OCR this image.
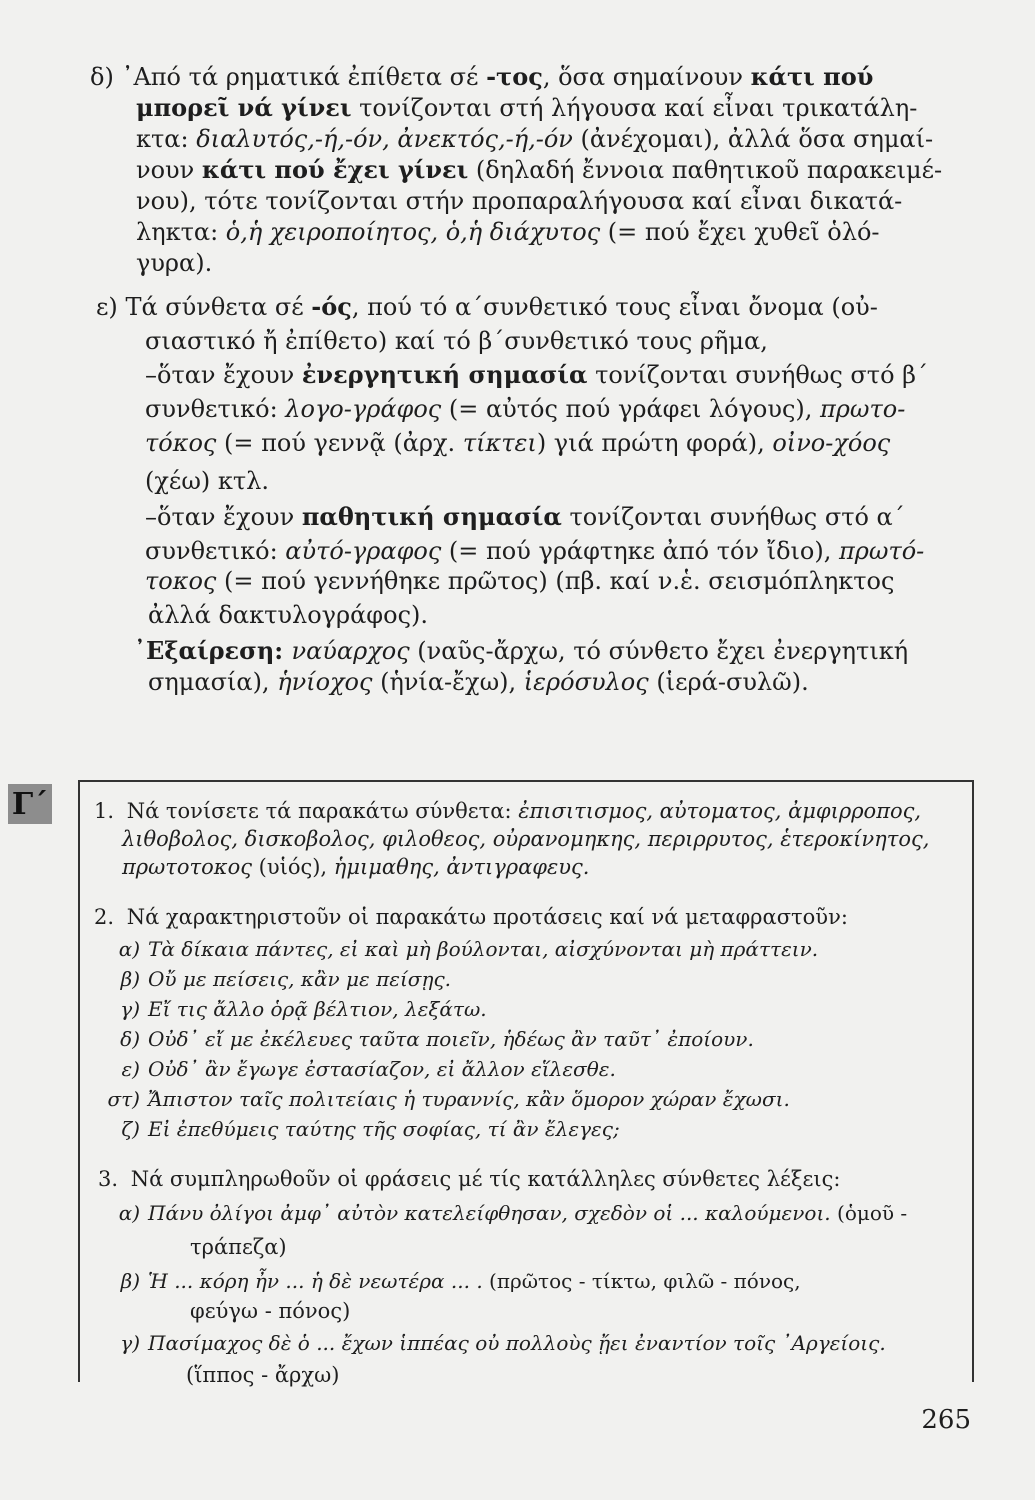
δ) ᾽Από τά ρηματικά ἐπίθετα σέ -τος, ὅσα σημαίνουν κάτι πού
μπορεῖ νά γίνει τονίζονται στή λήγουσα καί εἶναι τρικατάλη-
κτα: διαλυτός,-ή,-όν, ἀνεκτός,-ή,-όν (ἀνέχομαι), ἀλλά ὅσα σημαί-
νουν κάτι πού ἔχει γίνει (δηλαδή ἔννοια παθητικοῦ παρακειμέ-
νου), τότε τονίζονται στήν προπαραλήγουσα καί εἶναι δικατά-
ληκτα: ὁ,ἡ χειροποίητος, ὁ,ἡ διάχυτος (= πού ἔχει χυθεῖ ὁλό-
γυρα).
ε) Τά σύνθετα σέ -ός, πού τό α΄συνθετικό τους εἶναι ὄνομα (οὐ-
σιαστικό ἤ ἐπίθετο) καί τό β΄συνθετικό τους ρῆμα,
–ὅταν ἔχουν ἐνεργητική σημασία τονίζονται συνήθως στό β΄
συνθετικό: λογο-γράφος (= αὐτός πού γράφει λόγους), πρωτο-
τόκος (= πού γεννᾷ (ἀρχ. τίκτει) γιά πρώτη φορά), οἰνο-χόος
(χέω) κτλ.
–ὅταν ἔχουν παθητική σημασία τονίζονται συνήθως στό α΄
συνθετικό: αὐτό-γραφος (= πού γράφτηκε ἀπό τόν ἴδιο), πρωτό-
τοκος (= πού γεννήθηκε πρῶτος) (πβ. καί ν.ἑ. σεισμόπληκτος
ἀλλά δακτυλογράφος).
᾽Εξαίρεση: ναύαρχος (ναῦς-ἄρχω, τό σύνθετο ἔχει ἐνεργητική
σημασία), ἡνίοχος (ἡνία-ἔχω), ἱερόσυλος (ἱερά-συλῶ).
Γ΄ 1. Νά τονίσετε τά παρακάτω σύνθετα: ἐπισιτισμος, αὐτοματος, ἀμφιρροπος,
λιθοβολος, δισκοβολος, φιλοθεος, οὐρανομηκης, περιρρυτος, ἑτεροκίνητος,
πρωτοτοκος (υἱός), ἡμιμαθης, ἀντιγραφευς.
2. Νά χαρακτηριστοῦν οἱ παρακάτω προτάσεις καί νά μεταφραστοῦν:
α) Τὰ δίκαια πάντες, εἰ καὶ μὴ βούλονται, αἰσχύνονται μὴ πράττειν.
β) Οὔ με πείσεις, κἂν με πείσῃς.
γ) Εἴ τις ἄλλο ὁρᾷ βέλτιον, λεξάτω.
δ) Οὐδ᾽ εἴ με ἐκέλευες ταῦτα ποιεῖν, ἡδέως ἂν ταῦτ᾽ ἐποίουν.
ε) Οὐδ᾽ ἂν ἔγωγε ἐστασίαζον, εἰ ἄλλον εἵλεσθε.
στ) Ἄπιστον ταῖς πολιτείαις ἡ τυραννίς, κἂν ὅμορον χώραν ἔχωσι.
ζ) Εἰ ἐπεθύμεις ταύτης τῆς σοφίας, τί ἂν ἔλεγες;
3. Νά συμπληρωθοῦν οἱ φράσεις μέ τίς κατάλληλες σύνθετες λέξεις:
α) Πάνυ ὀλίγοι ἀμφ᾽ αὐτὸν κατελείφθησαν, σχεδὸν οἱ ... καλούμενοι. (ὁμοῦ -
τράπεζα)
β) Ἡ ... κόρη ἦν ... ἡ δὲ νεωτέρα ... . (πρῶτος - τίκτω, φιλῶ - πόνος,
φεύγω - πόνος)
γ) Πασίμαχος δὲ ὁ ... ἔχων ἱππέας οὐ πολλοὺς ᾔει ἐναντίον τοῖς ᾽Αργείοις.
(ἵππος - ἄρχω)
265
